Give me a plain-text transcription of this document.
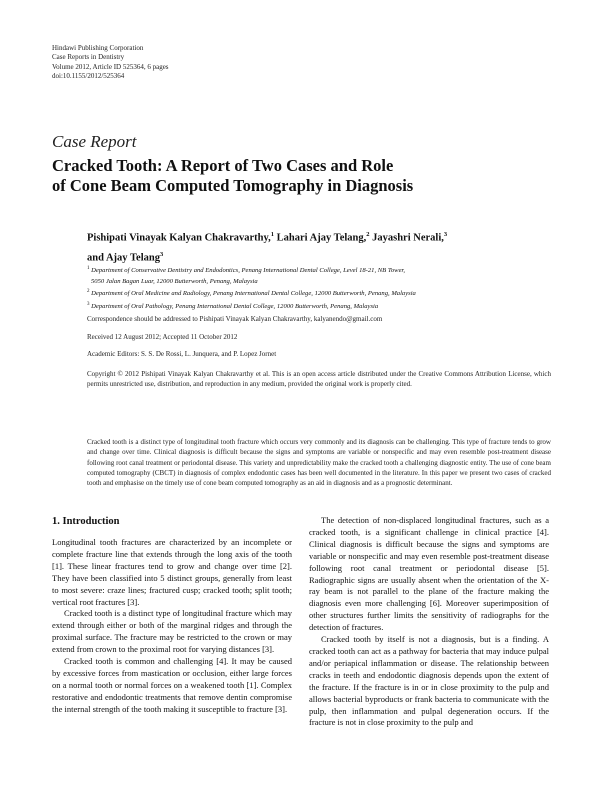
Hindawi Publishing Corporation
Case Reports in Dentistry
Volume 2012, Article ID 525364, 6 pages
doi:10.1155/2012/525364
Case Report
Cracked Tooth: A Report of Two Cases and Role
of Cone Beam Computed Tomography in Diagnosis
Pishipati Vinayak Kalyan Chakravarthy,$^1$ Lahari Ajay Telang,$^2$ Jayashri Nerali,$^3$
and Ajay Telang$^3$
$^1$ Department of Conservative Dentistry and Endodontics, Penang International Dental College, Level 18-21, NB Tower,
5050 Jalan Bagan Luar, 12000 Butterworth, Penang, Malaysia
$^2$ Department of Oral Medicine and Radiology, Penang International Dental College, 12000 Butterworth, Penang, Malaysia
$^3$ Department of Oral Pathology, Penang International Dental College, 12000 Butterworth, Penang, Malaysia
Correspondence should be addressed to Pishipati Vinayak Kalyan Chakravarthy, kalyanendo@gmail.com
Received 12 August 2012; Accepted 11 October 2012
Academic Editors: S. S. De Rossi, L. Junquera, and P. Lopez Jornet
Copyright © 2012 Pishipati Vinayak Kalyan Chakravarthy et al. This is an open access article distributed under the Creative Commons Attribution License, which permits unrestricted use, distribution, and reproduction in any medium, provided the original work is properly cited.
Cracked tooth is a distinct type of longitudinal tooth fracture which occurs very commonly and its diagnosis can be challenging. This type of fracture tends to grow and change over time. Clinical diagnosis is difficult because the signs and symptoms are variable or nonspecific and may even resemble post-treatment disease following root canal treatment or periodontal disease. This variety and unpredictability make the cracked tooth a challenging diagnostic entity. The use of cone beam computed tomography (CBCT) in diagnosis of complex endodontic cases has been well documented in the literature. In this paper we present two cases of cracked tooth and emphasise on the timely use of cone beam computed tomography as an aid in diagnosis and as a prognostic determinant.
1. Introduction

Longitudinal tooth fractures are characterized by an incomplete or complete fracture line that extends through the long axis of the tooth [1]. These linear fractures tend to grow and change over time [2]. They have been classified into 5 distinct groups, generally from least to most severe: craze lines; fractured cusp; cracked tooth; split tooth; vertical root fractures [3].

Cracked tooth is a distinct type of longitudinal fracture which may extend through either or both of the marginal ridges and through the proximal surface. The fracture may be restricted to the crown or may extend from crown to the proximal root for varying distances [3].

Cracked tooth is common and challenging [4]. It may be caused by excessive forces from mastication or occlusion, either large forces on a normal tooth or normal forces on a weakened tooth [1]. Complex restorative and endodontic treatments that remove dentin compromise the internal strength of the tooth making it susceptible to fracture [3].

The detection of non-displaced longitudinal fractures, such as a cracked tooth, is a significant challenge in clinical practice [4]. Clinical diagnosis is difficult because the signs and symptoms are variable or nonspecific and may even resemble post-treatment disease following root canal treatment or periodontal disease [5]. Radiographic signs are usually absent when the orientation of the X-ray beam is not parallel to the plane of the fracture making the diagnosis even more challenging [6]. Moreover superimposition of other structures further limits the sensitivity of radiographs for the detection of fractures.

Cracked tooth by itself is not a diagnosis, but is a finding. A cracked tooth can act as a pathway for bacteria that may induce pulpal and/or periapical inflammation or disease. The relationship between cracks in teeth and endodontic diagnosis depends upon the extent of the fracture. If the fracture is in or in close proximity to the pulp and allows bacterial byproducts or frank bacteria to communicate with the pulp, then inflammation and pulpal degeneration occurs. If the fracture is not in close proximity to the pulp and
